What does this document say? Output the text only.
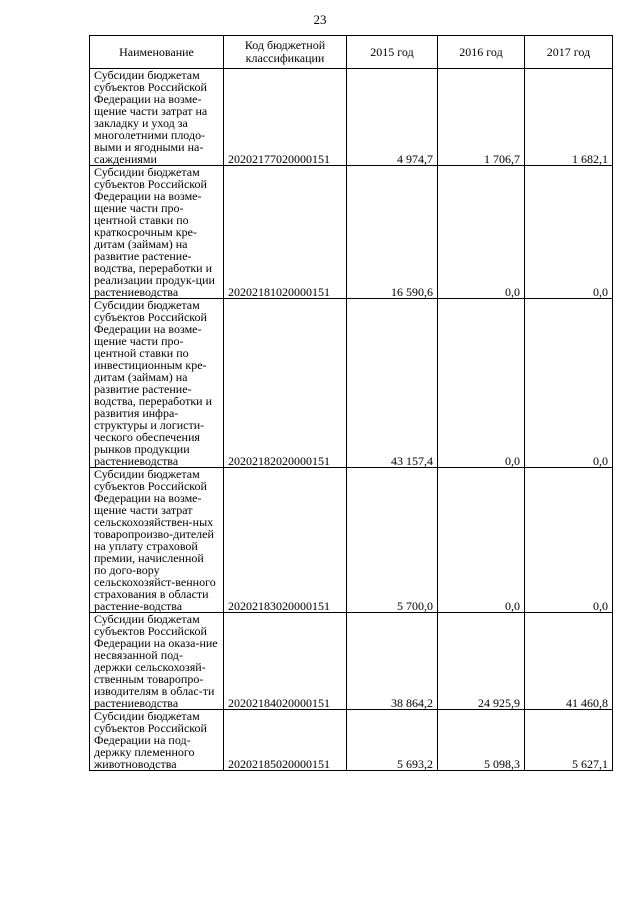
23
Наименование	Код бюджетной классификации	2015 год	2016 год	2017 год
Субсидии бюджетам субъектов Российской Федерации на возме-щение части затрат на закладку и уход за многолетними плодо-выми и ягодными на-саждениями	20202177020000151	4 974,7	1 706,7	1 682,1
Субсидии бюджетам субъектов Российской Федерации на возме-щение части про-центной ставки по краткосрочным кре-дитам (займам) на развитие растение-водства, переработки и реализации продук-ции растениеводства	20202181020000151	16 590,6	0,0	0,0
Субсидии бюджетам субъектов Российской Федерации на возме-щение части про-центной ставки по инвестиционным кре-дитам (займам) на развитие растение-водства, переработки и развития инфра-структуры и логисти-ческого обеспечения рынков продукции растениеводства	20202182020000151	43 157,4	0,0	0,0
Субсидии бюджетам субъектов Российской Федерации на возме-щение части затрат сельскохозяйствен-ных товаропроизво-дителей на уплату страховой премии, начисленной по дого-вору сельскохозяйст-венного страхования в области растение-водства	20202183020000151	5 700,0	0,0	0,0
Субсидии бюджетам субъектов Российской Федерации на оказа-ние несвязанной под-держки сельскохозяй-ственным товаропро-изводителям в облас-ти растениеводства	20202184020000151	38 864,2	24 925,9	41 460,8
Субсидии бюджетам субъектов Российской Федерации на под-держку племенного животноводства	20202185020000151	5 693,2	5 098,3	5 627,1
